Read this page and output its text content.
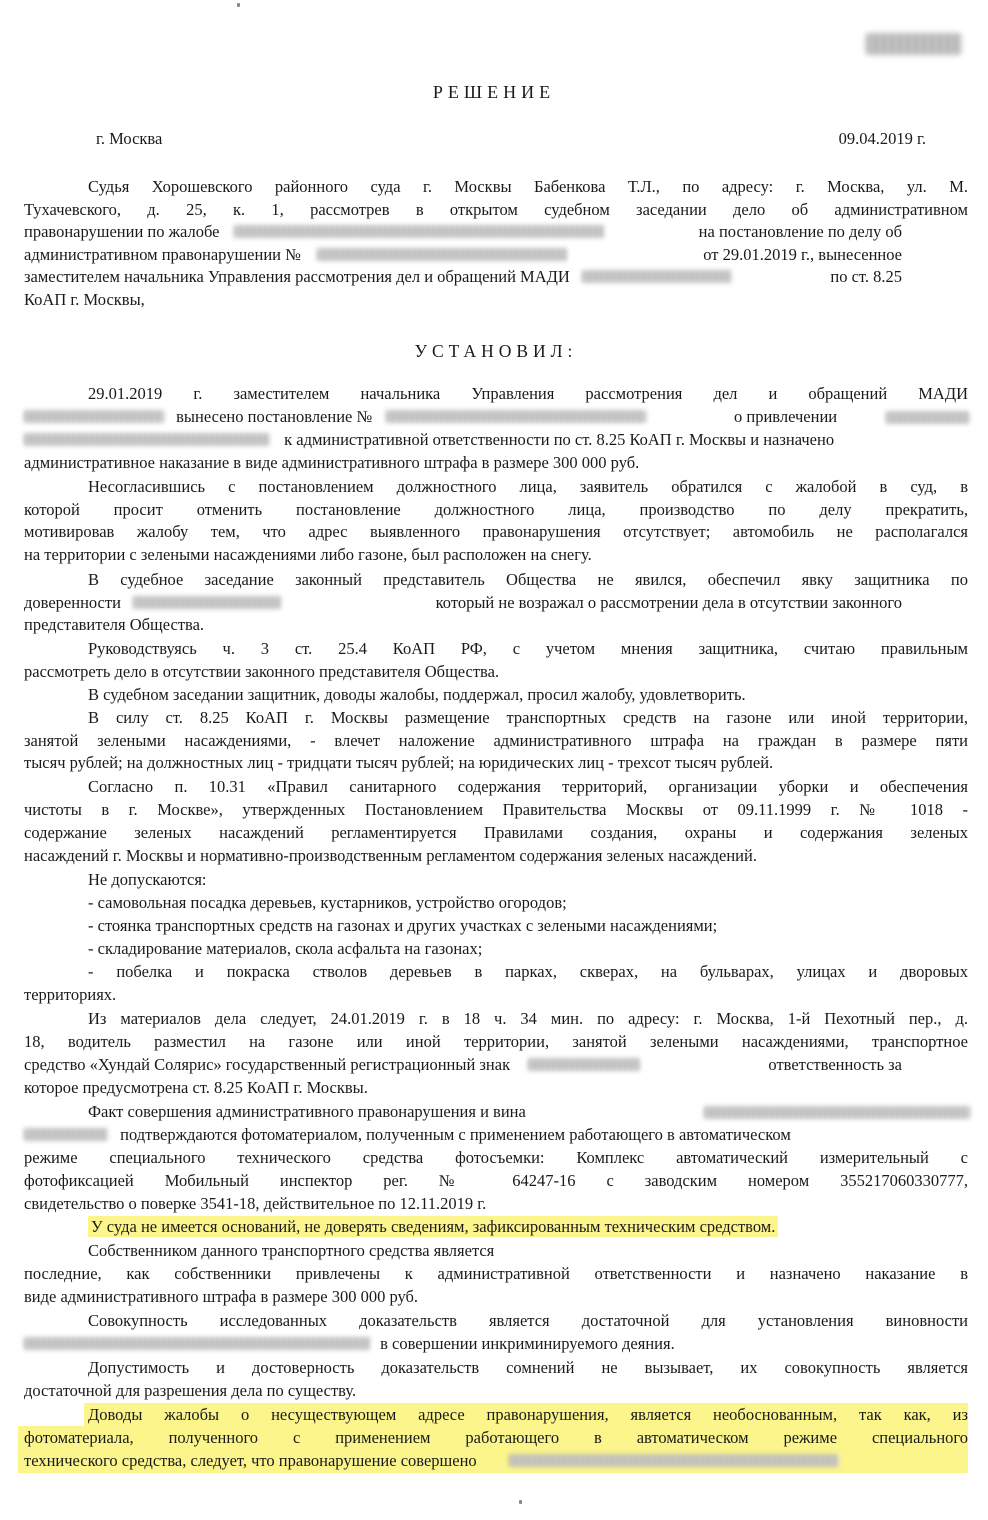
РЕШЕНИЕ
г. Москва	09.04.2019 г.
Судья Хорошевского районного суда г. Москвы Бабенкова Т.Л., по адресу: г. Москва, ул. М.
Тухачевского, д. 25, к. 1, рассмотрев в открытом судебном заседании дело об административном
правонарушении по жалобе	на постановление по делу об
административном правонарушении №	от 29.01.2019 г., вынесенное
заместителем начальника Управления рассмотрения дел и обращений МАДИ	по ст. 8.25
КоАП г. Москвы,
УСТАНОВИЛ:
29.01.2019 г. заместителем начальника Управления рассмотрения дел и обращений МАДИ
вынесено постановление №	о привлечении
к административной ответственности по ст. 8.25 КоАП г. Москвы и назначено
административное наказание в виде административного штрафа в размере 300 000 руб.
Несогласившись с постановлением должностного лица, заявитель обратился с жалобой в суд, в
которой просит отменить постановление должностного лица, производство по делу прекратить,
мотивировав жалобу тем, что адрес выявленного правонарушения отсутствует; автомобиль не располагался
на территории с зелеными насаждениями либо газоне, был расположен на снегу.
В судебное заседание законный представитель Общества не явился, обеспечил явку защитника по
доверенности	который не возражал о рассмотрении дела в отсутствии законного
представителя Общества.
Руководствуясь ч. 3 ст. 25.4 КоАП РФ, с учетом мнения защитника, считаю правильным
рассмотреть дело в отсутствии законного представителя Общества.
В судебном заседании защитник, доводы жалобы, поддержал, просил жалобу, удовлетворить.
В силу ст. 8.25 КоАП г. Москвы размещение транспортных средств на газоне или иной территории,
занятой зелеными насаждениями, - влечет наложение административного штрафа на граждан в размере пяти
тысяч рублей; на должностных лиц - тридцати тысяч рублей; на юридических лиц - трехсот тысяч рублей.
Согласно п. 10.31 «Правил санитарного содержания территорий, организации уборки и обеспечения
чистоты в г. Москве», утвержденных Постановлением Правительства Москвы от 09.11.1999 г. № 1018 -
содержание зеленых насаждений регламентируется Правилами создания, охраны и содержания зеленых
насаждений г. Москвы и нормативно-производственным регламентом содержания зеленых насаждений.
Не допускаются:
- самовольная посадка деревьев, кустарников, устройство огородов;
- стоянка транспортных средств на газонах и других участках с зелеными насаждениями;
- складирование материалов, скола асфальта на газонах;
- побелка и покраска стволов деревьев в парках, скверах, на бульварах, улицах и дворовых
территориях.
Из материалов дела следует, 24.01.2019 г. в 18 ч. 34 мин. по адресу: г. Москва, 1-й Пехотный пер., д.
18, водитель разместил на газоне или иной территории, занятой зелеными насаждениями, транспортное
средство «Хундай Солярис» государственный регистрационный знак	ответственность за
которое предусмотрена ст. 8.25 КоАП г. Москвы.
Факт совершения административного правонарушения и вина
подтверждаются фотоматериалом, полученным с применением работающего в автоматическом
режиме специального технического средства фотосъемки: Комплекс автоматический измерительный с
фотофиксацией Мобильный инспектор рег. № 64247-16 с заводским номером 355217060330777,
свидетельство о поверке 3541-18, действительное по 12.11.2019 г.
У суда не имеется оснований, не доверять сведениям, зафиксированным техническим средством.
Собственником данного транспортного средства является
последние, как собственники привлечены к административной ответственности и назначено наказание в
виде административного штрафа в размере 300 000 руб.
Совокупность исследованных доказательств является достаточной для установления виновности
в совершении инкриминируемого деяния.
Допустимость и достоверность доказательств сомнений не вызывает, их совокупность является
достаточной для разрешения дела по существу.
Доводы жалобы о несуществующем адресе правонарушения, является необоснованным, так как, из
фотоматериала, полученного с применением работающего в автоматическом режиме специального
технического средства, следует, что правонарушение совершено
